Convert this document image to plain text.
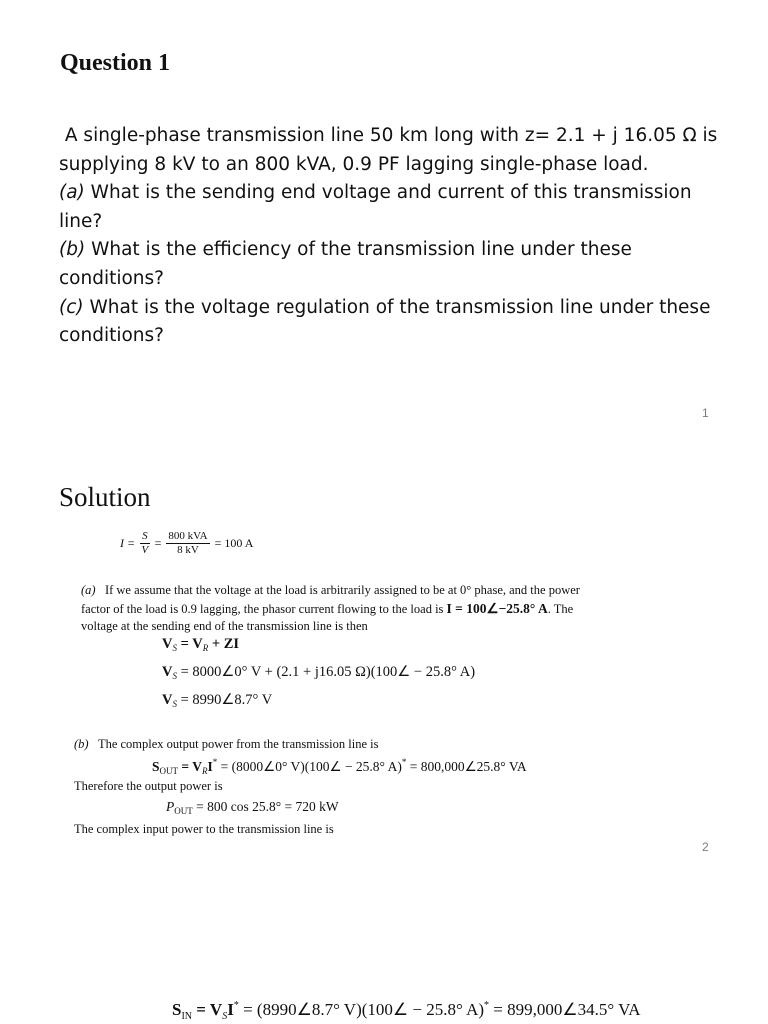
Question 1
A single-phase transmission line 50 km long with z= 2.1 + j 16.05 Ω is
supplying 8 kV to an 800 kVA, 0.9 PF lagging single-phase load.
(a) What is the sending end voltage and current of this transmission
line?
(b) What is the efficiency of the transmission line under these
conditions?
(c) What is the voltage regulation of the transmission line under these
conditions?
1
Solution
$I = \frac{S}{V} = \frac{\text{800 kVA}}{8 kV} = 100$ A
(a) If we assume that the voltage at the load is arbitrarily assigned to be at 0° phase, and the power
factor of the load is 0.9 lagging, the phasor current flowing to the load is I = 100∠−25.8° A. The
voltage at the sending end of the transmission line is then
$V_S = V_R$ + ZI
$V_S$ = 8000∠0° V + (2.1 + j16.05 Ω)(100∠ − 25.8° A)
$V_S$ = 8990∠8.7° V
(b) The complex output power from the transmission line is
$S_{OUT} = V_RI^*$ = (8000∠0° V)(100∠ − 25.8° A)* = 800,000∠25.8° VA
Therefore the output power is
$P_{OUT} = 800$ cos 25.8° = 720 kW
The complex input power to the transmission line is
2
$S_{IN} = V_SI^*$ = (8990∠8.7° V)(100∠ − 25.8° A)* = 899,000∠34.5° VA
